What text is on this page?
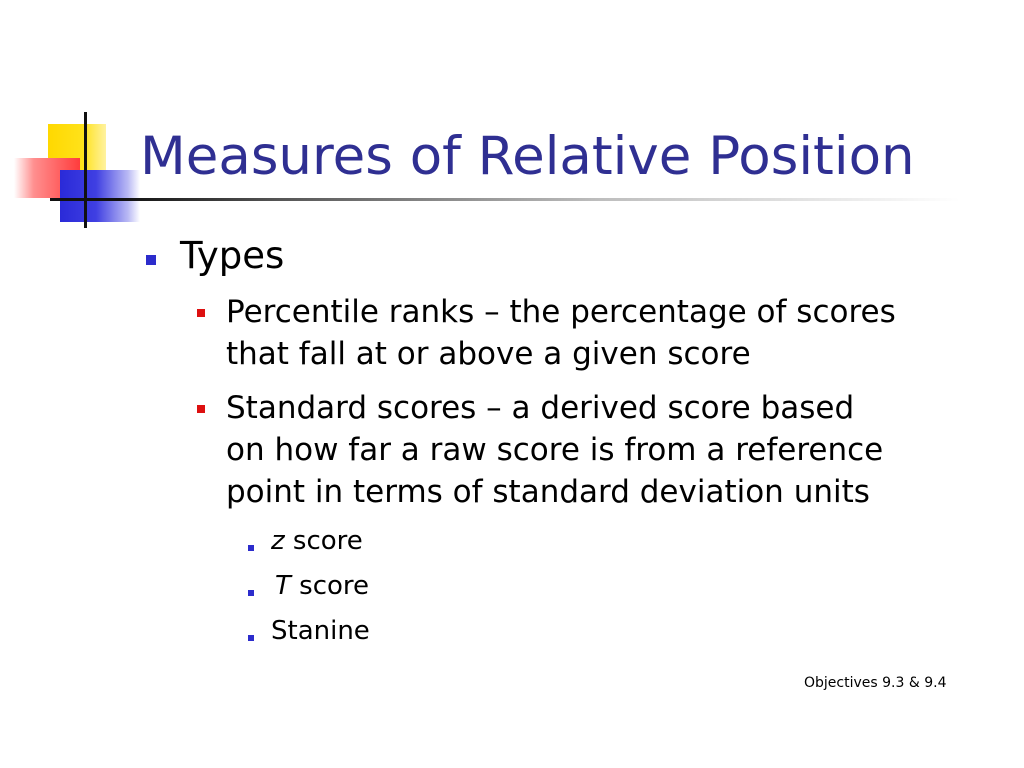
Measures of Relative Position
Types
Percentile ranks – the percentage of scores
that fall at or above a given score
Standard scores – a derived score based
on how far a raw score is from a reference
point in terms of standard deviation units
z score
T score
Stanine
Objectives 9.3 & 9.4
